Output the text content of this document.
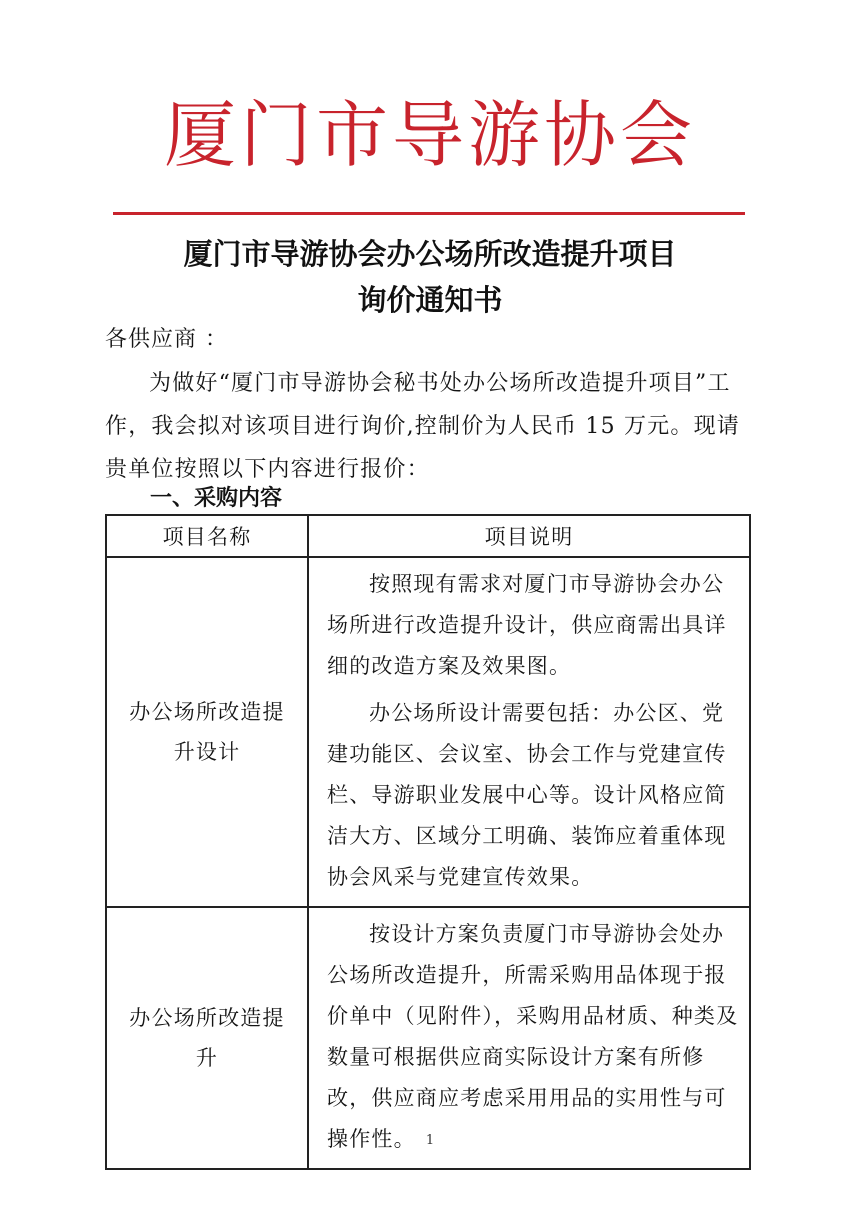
厦门市导游协会
厦门市导游协会办公场所改造提升项目
询价通知书
各供应商 ：

为做好“厦门市导游协会秘书处办公场所改造提升项目”工作，我会拟对该项目进行询价,控制价为人民币 15 万元。现请贵单位按照以下内容进行报价：

一、采购内容
项目名称	项目说明
办公场所改造提升设计	按照现有需求对厦门市导游协会办公场所进行改造提升设计，供应商需出具详细的改造方案及效果图。

办公场所设计需要包括：办公区、党建功能区、会议室、协会工作与党建宣传栏、导游职业发展中心等。设计风格应简洁大方、区域分工明确、装饰应着重体现协会风采与党建宣传效果。

办公场所改造提升	按设计方案负责厦门市导游协会处办公场所改造提升，所需采购用品体现于报价单中（见附件），采购用品材质、种类及数量可根据供应商实际设计方案有所修改，供应商应考虑采用用品的实用性与可操作性。 1
